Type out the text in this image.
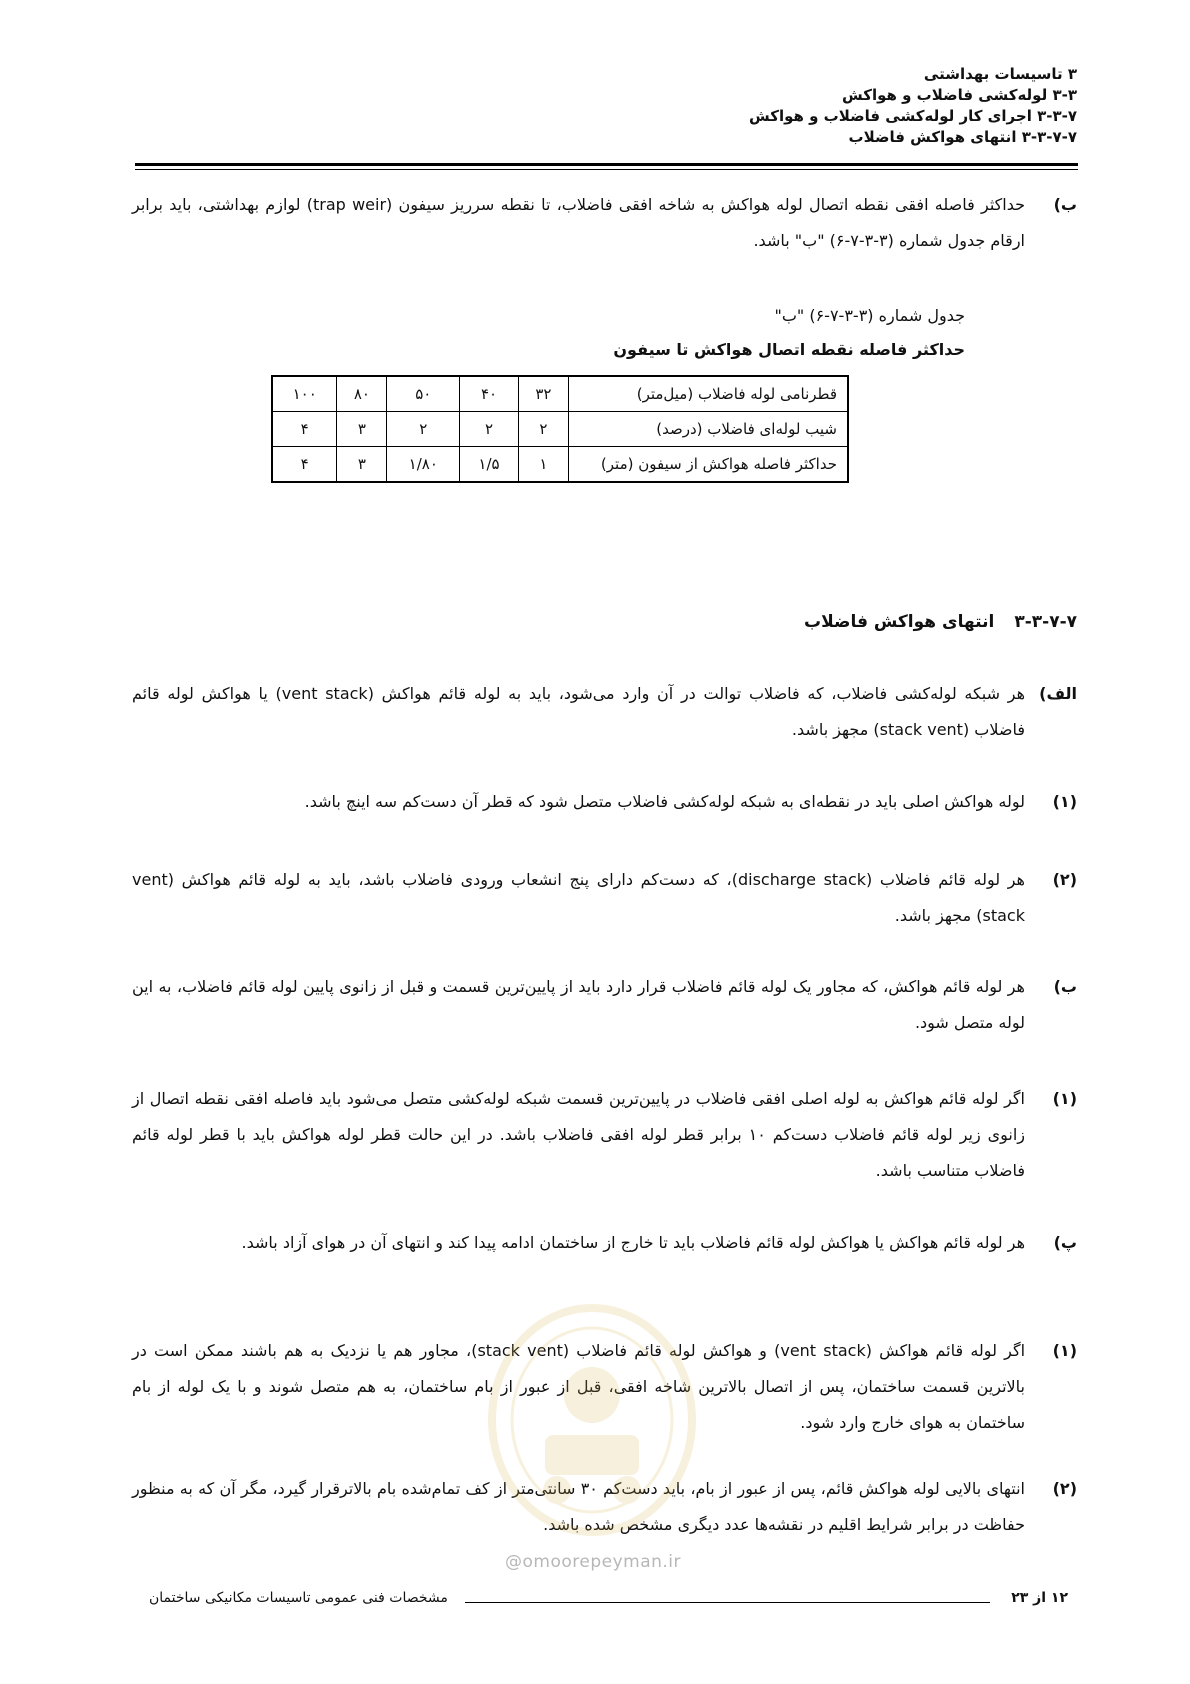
۳ تاسیسات بهداشتی
۳-۳ لوله‌کشی فاضلاب و هواکش
۳-۳-۷ اجرای کار لوله‌کشی فاضلاب و هواکش
۳-۳-۷-۷ انتهای هواکش فاضلاب
ب)
حداکثر فاصله افقی نقطه اتصال لوله هواکش به شاخه افقی فاضلاب، تا نقطه سرریز سیفون (trap weir) لوازم بهداشتی، باید برابر ارقام جدول شماره (۳-۳-۷-۶) "ب" باشد.
جدول شماره (۳-۳-۷-۶) "ب"
حداکثر فاصله نقطه اتصال هواکش تا سیفون
قطرنامی لوله فاضلاب (میل‌متر)	۳۲	۴۰	۵۰	۸۰	۱۰۰
شیب لوله‌ای فاضلاب (درصد)	۲	۲	۲	۳	۴
حداکثر فاصله هواکش از سیفون (متر)	۱	۱/۵	۱/۸۰	۳	۴
۳-۳-۷-۷انتهای هواکش فاضلاب
الف)
هر شبکه لوله‌کشی فاضلاب، که فاضلاب توالت در آن وارد می‌شود، باید به لوله قائم هواکش (vent stack) یا هواکش لوله قائم فاضلاب (stack vent) مجهز باشد.
(۱)
لوله هواکش اصلی باید در نقطه‌ای به شبکه لوله‌کشی فاضلاب متصل شود که قطر آن دست‌کم سه اینچ باشد.
(۲)
هر لوله قائم فاضلاب (discharge stack)، که دست‌کم دارای پنج انشعاب ورودی فاضلاب باشد، باید به لوله قائم هواکش (vent stack) مجهز باشد.
ب)
هر لوله قائم هواکش، که مجاور یک لوله قائم فاضلاب قرار دارد باید از پایین‌ترین قسمت و قبل از زانوی پایین لوله قائم فاضلاب، به این لوله متصل شود.
(۱)
اگر لوله قائم هواکش به لوله اصلی افقی فاضلاب در پایین‌ترین قسمت شبکه لوله‌کشی متصل می‌شود باید فاصله افقی نقطه اتصال از زانوی زیر لوله قائم فاضلاب دست‌کم ۱۰ برابر قطر لوله افقی فاضلاب باشد. در این حالت قطر لوله هواکش باید با قطر لوله قائم فاضلاب متناسب باشد.
پ)
هر لوله قائم هواکش یا هواکش لوله قائم فاضلاب باید تا خارج از ساختمان ادامه پیدا کند و انتهای آن در هوای آزاد باشد.
(۱)
اگر لوله قائم هواکش (vent stack) و هواکش لوله قائم فاضلاب (stack vent)، مجاور هم یا نزدیک به هم باشند ممکن است در بالاترین قسمت ساختمان، پس از اتصال بالاترین شاخه افقی، قبل از عبور از بام ساختمان، به هم متصل شوند و با یک لوله از بام ساختمان به هوای خارج وارد شود.
(۲)
انتهای بالایی لوله هواکش قائم، پس از عبور از بام، باید دست‌کم ۳۰ سانتی‌متر از کف تمام‌شده بام بالاترقرار گیرد، مگر آن که به منظور حفاظت در برابر شرایط اقلیم در نقشه‌ها عدد دیگری مشخص شده باشد.
@omoorepeyman.ir
مشخصات فنی عمومی تاسیسات مکانیکی ساختمان	۱۲ از ۲۳
